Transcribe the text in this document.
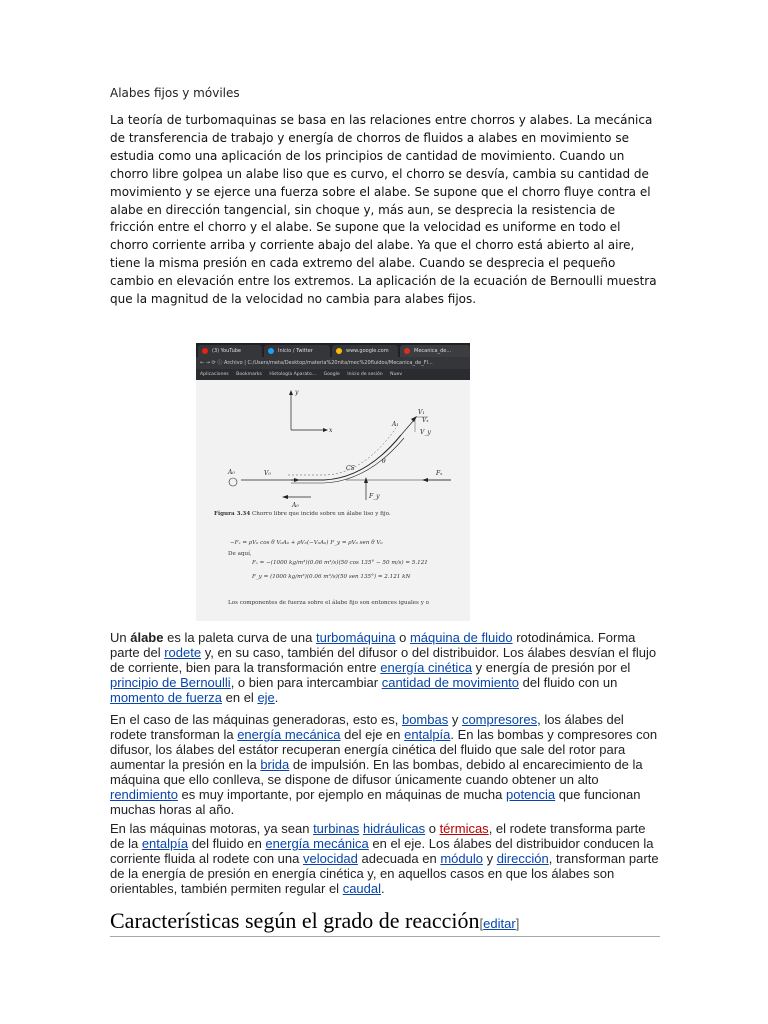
Alabes fijos y móviles
La teoría de turbomaquinas se basa en las relaciones entre chorros y alabes. La mecánica de transferencia de trabajo y energía de chorros de fluidos a alabes en movimiento se estudia como una aplicación de los principios de cantidad de movimiento. Cuando un chorro libre golpea un alabe liso que es curvo, el chorro se desvía, cambia su cantidad de movimiento y se ejerce una fuerza sobre el alabe. Se supone que el chorro fluye contra el alabe en dirección tangencial, sin choque y, más aun, se desprecia la resistencia de fricción entre el chorro y el alabe. Se supone que la velocidad es uniforme en todo el chorro corriente arriba y corriente abajo del alabe. Ya que el chorro está abierto al aire, tiene la misma presión en cada extremo del alabe. Cuando se desprecia el pequeño cambio en elevación entre los extremos. La aplicación de la ecuación de Bernoulli muestra que la magnitud de la velocidad no cambia para alabes fijos.
(3) YouTube	Inicio / Twitter	www.google.com	Mecanica_de...
← → ⟳ ⓘ Archivo | C:/Users/meta/Desktop/materia%20nita/mec%20fluidos/Mecanica_de_Fl...
Aplicaciones Bookmarks Histología Aparato... Google Inicio de sesión Nuev
y
x
A₀	V₀
CS
A₁
V₁
Vₓ
V_y
θ
A₀
Fₓ
F_y
Figura 3.34 Chorro libre que incide sobre un álabe liso y fijo.
−Fₓ = ρV₀ cos θ V₀A₀ + ρV₀(−V₀A₀) F_y = ρV₀ sen θ V₀
De aquí,
Fₓ = −(1000 kg/m³)(0.06 m³/s)(50 cos 135° − 50 m/s) = 5.121
F_y = (1000 kg/m³)(0.06 m³/s)(50 sen 135°) = 2.121 kN
Los componentes de fuerza sobre el álabe fijo son entonces iguales y o
Un álabe es la paleta curva de una turbomáquina o máquina de fluido rotodinámica. Forma parte del rodete y, en su caso, también del difusor o del distribuidor. Los álabes desvían el flujo de corriente, bien para la transformación entre energía cinética y energía de presión por el principio de Bernoulli, o bien para intercambiar cantidad de movimiento del fluido con un momento de fuerza en el eje.
En el caso de las máquinas generadoras, esto es, bombas y compresores, los álabes del rodete transforman la energía mecánica del eje en entalpía. En las bombas y compresores con difusor, los álabes del estátor recuperan energía cinética del fluido que sale del rotor para aumentar la presión en la brida de impulsión. En las bombas, debido al encarecimiento de la máquina que ello conlleva, se dispone de difusor únicamente cuando obtener un alto rendimiento es muy importante, por ejemplo en máquinas de mucha potencia que funcionan muchas horas al año.
En las máquinas motoras, ya sean turbinas hidráulicas o térmicas, el rodete transforma parte de la entalpía del fluido en energía mecánica en el eje. Los álabes del distribuidor conducen la corriente fluida al rodete con una velocidad adecuada en módulo y dirección, transforman parte de la energía de presión en energía cinética y, en aquellos casos en que los álabes son orientables, también permiten regular el caudal.
Características según el grado de reacción[editar]
